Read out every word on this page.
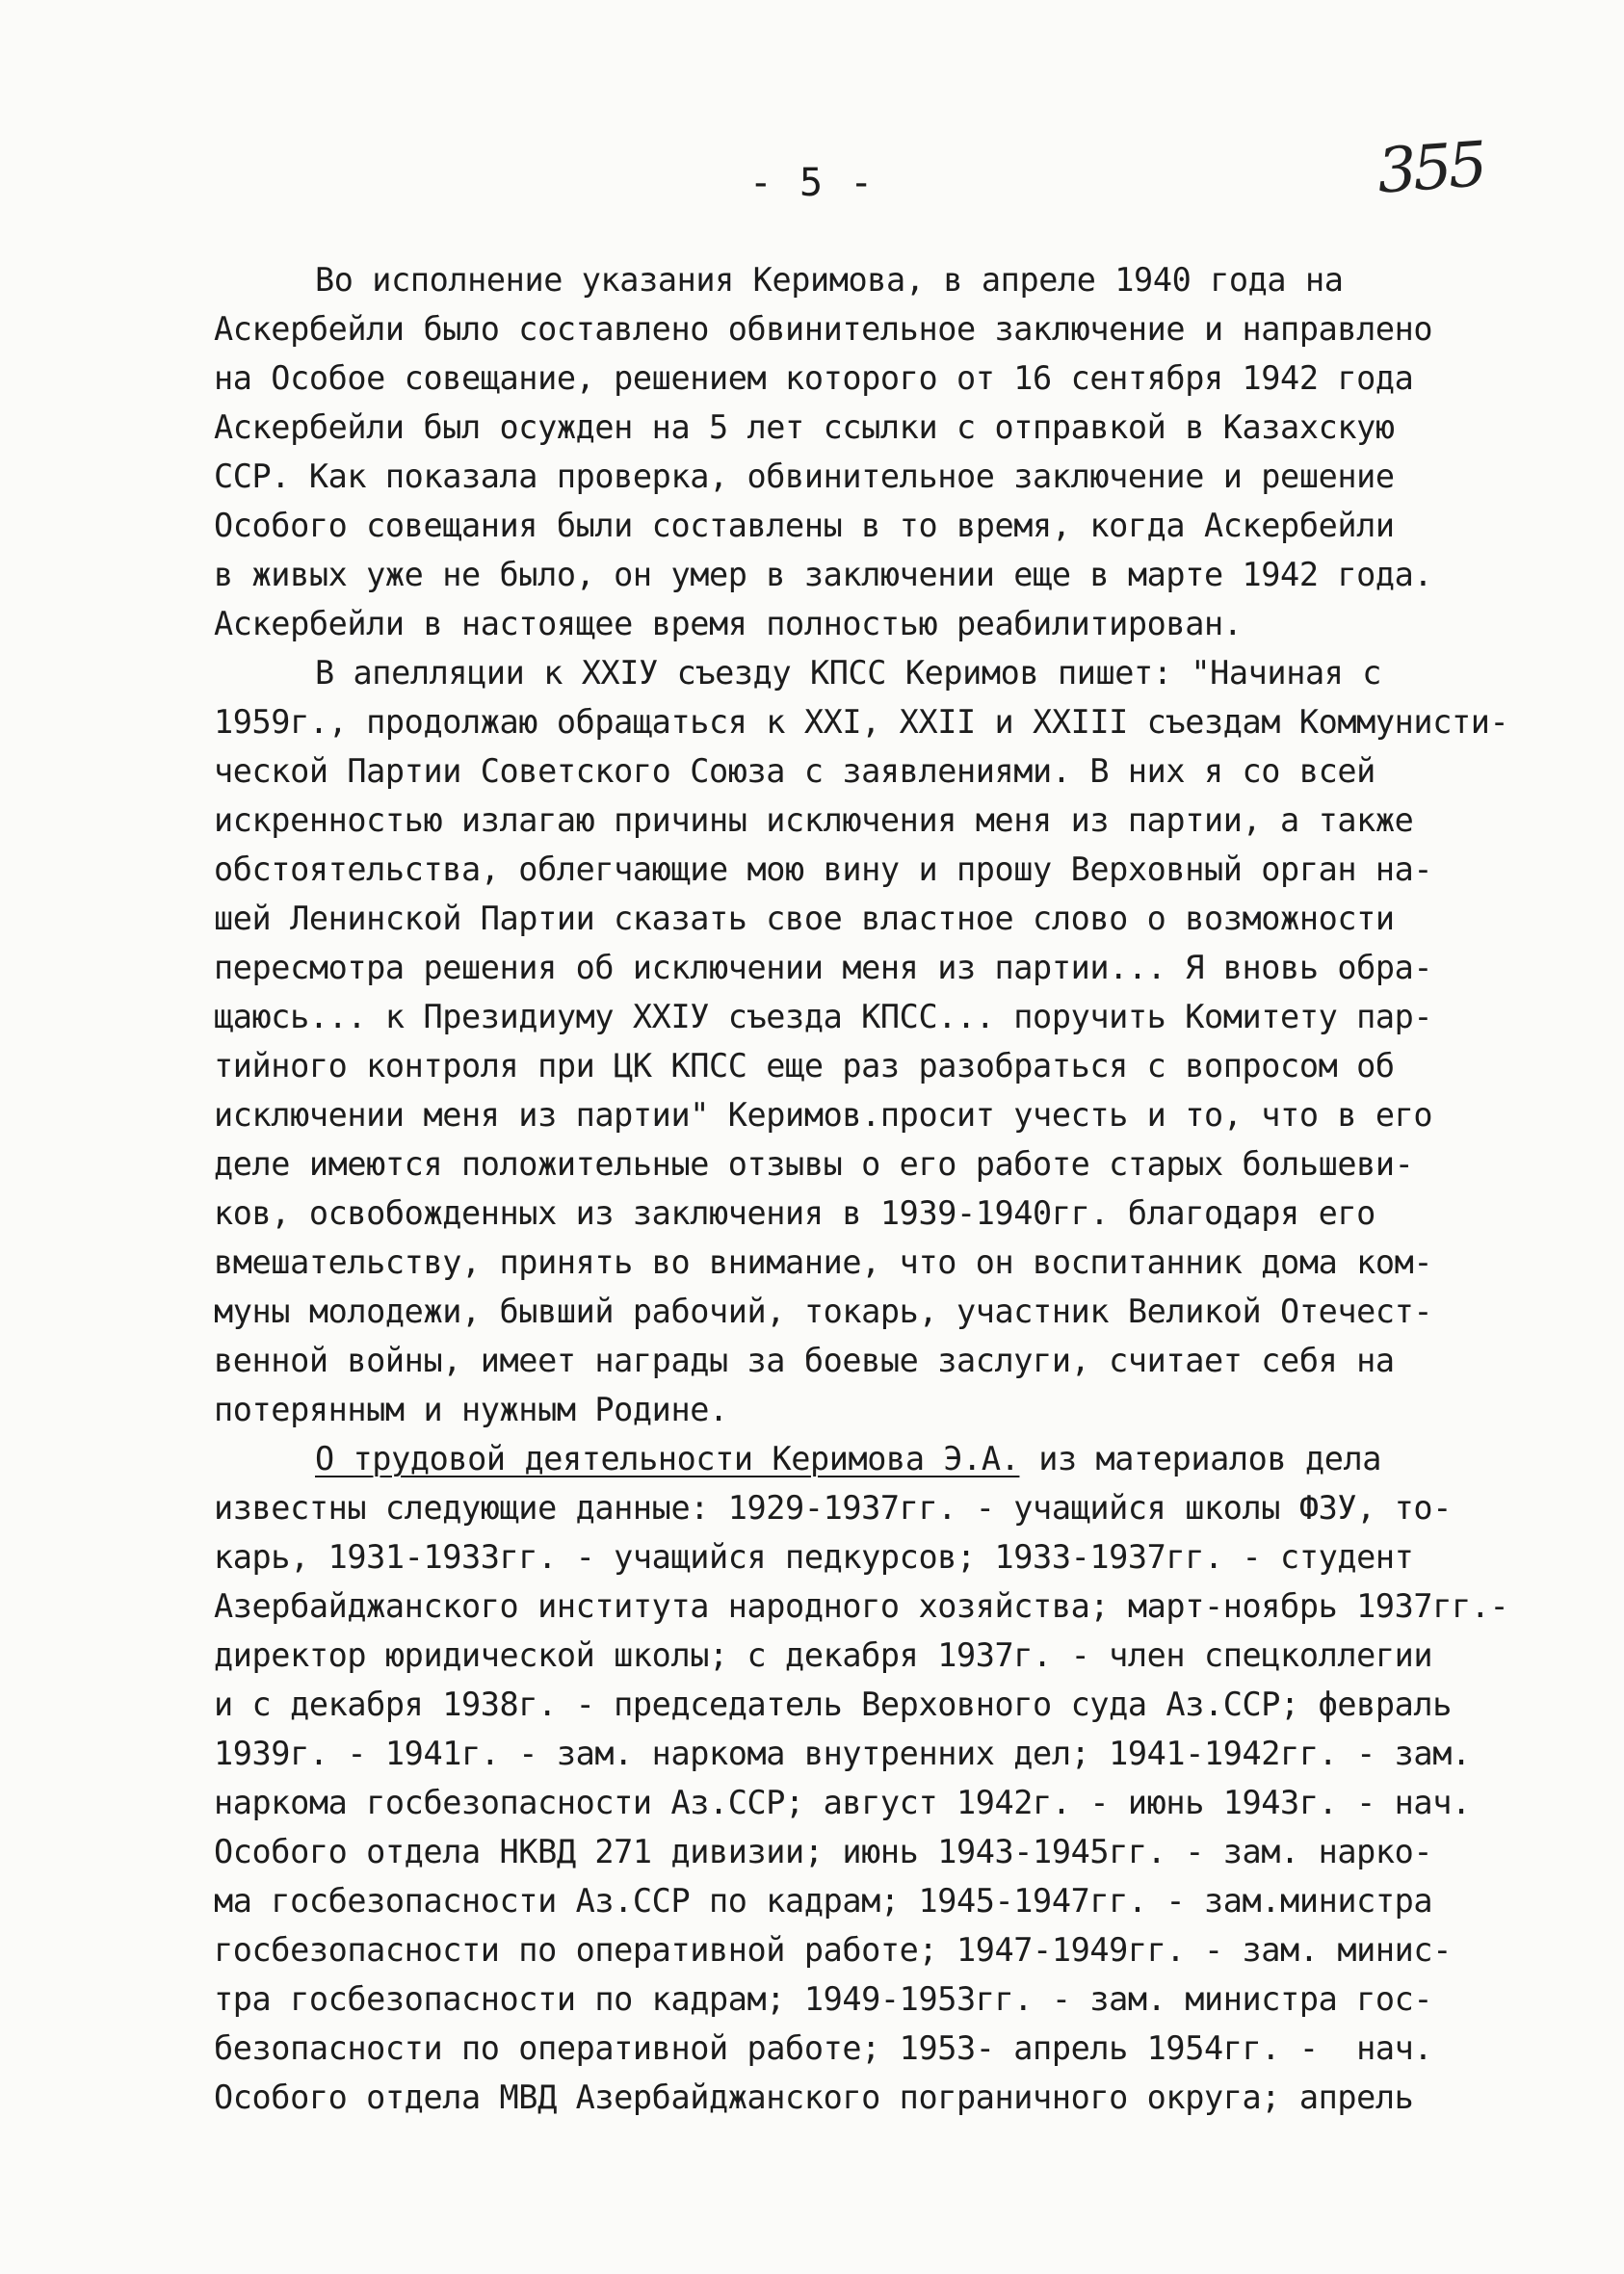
- 5 -	355
Во исполнение указания Керимова, в апреле 1940 года на
Аскербейли было составлено обвинительное заключение и направлено
на Особое совещание, решением которого от 16 сентября 1942 года
Аскербейли был осужден на 5 лет ссылки с отправкой в Казахскую
ССР. Как показала проверка, обвинительное заключение и решение
Особого совещания были составлены в то время, когда Аскербейли
в живых уже не было, он умер в заключении еще в марте 1942 года.
Аскербейли в настоящее время полностью реабилитирован.
В апелляции к XXIУ съезду КПСС Керимов пишет: "Начиная с
1959г., продолжаю обращаться к XXI, XXII и XXIII съездам Коммунисти-
ческой Партии Советского Союза с заявлениями. В них я со всей
искренностью излагаю причины исключения меня из партии, а также
обстоятельства, облегчающие мою вину и прошу Верховный орган на-
шей Ленинской Партии сказать свое властное слово о возможности
пересмотра решения об исключении меня из партии... Я вновь обра-
щаюсь... к Президиуму XXIУ съезда КПСС... поручить Комитету пар-
тийного контроля при ЦК КПСС еще раз разобраться с вопросом об
исключении меня из партии" Керимов.просит учесть и то, что в его
деле имеются положительные отзывы о его работе старых большеви-
ков, освобожденных из заключения в 1939-1940гг. благодаря его
вмешательству, принять во внимание, что он воспитанник дома ком-
муны молодежи, бывший рабочий, токарь, участник Великой Отечест-
венной войны, имеет награды за боевые заслуги, считает себя на
потерянным и нужным Родине.
О трудовой деятельности Керимова Э.А. из материалов дела
известны следующие данные: 1929-1937гг. - учащийся школы ФЗУ, то-
карь, 1931-1933гг. - учащийся педкурсов; 1933-1937гг. - студент
Азербайджанского института народного хозяйства; март-ноябрь 1937гг.-
директор юридической школы; с декабря 1937г. - член спецколлегии
и с декабря 1938г. - председатель Верховного суда Аз.ССР; февраль
1939г. - 1941г. - зам. наркома внутренних дел; 1941-1942гг. - зам.
наркома госбезопасности Аз.ССР; август 1942г. - июнь 1943г. - нач.
Особого отдела НКВД 271 дивизии; июнь 1943-1945гг. - зам. нарко-
ма госбезопасности Аз.ССР по кадрам; 1945-1947гг. - зам.министра
госбезопасности по оперативной работе; 1947-1949гг. - зам. минис-
тра госбезопасности по кадрам; 1949-1953гг. - зам. министра гос-
безопасности по оперативной работе; 1953- апрель 1954гг. -  нач.
Особого отдела МВД Азербайджанского пограничного округа; апрель
